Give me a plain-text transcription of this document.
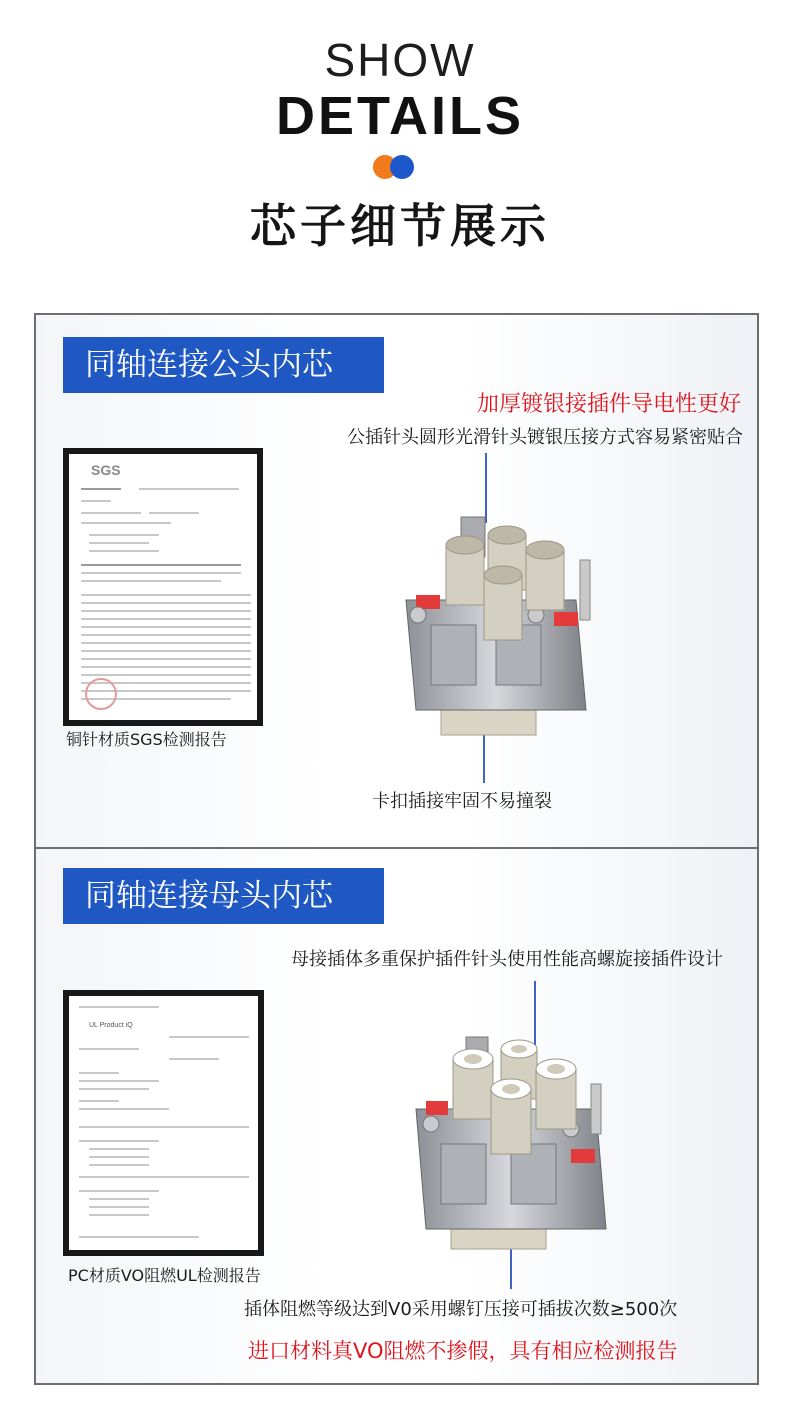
SHOW
DETAILS
芯子细节展示
同轴连接公头内芯
加厚镀银接插件导电性更好
公插针头圆形光滑针头镀银压接方式容易紧密贴合
SGS
铜针材质SGS检测报告
卡扣插接牢固不易撞裂
同轴连接母头内芯
母接插体多重保护插件针头使用性能高螺旋接插件设计
UL Product iQ
PC材质VO阻燃UL检测报告
插体阻燃等级达到V0采用螺钉压接可插拔次数≥500次
进口材料真VO阻燃不掺假，具有相应检测报告
